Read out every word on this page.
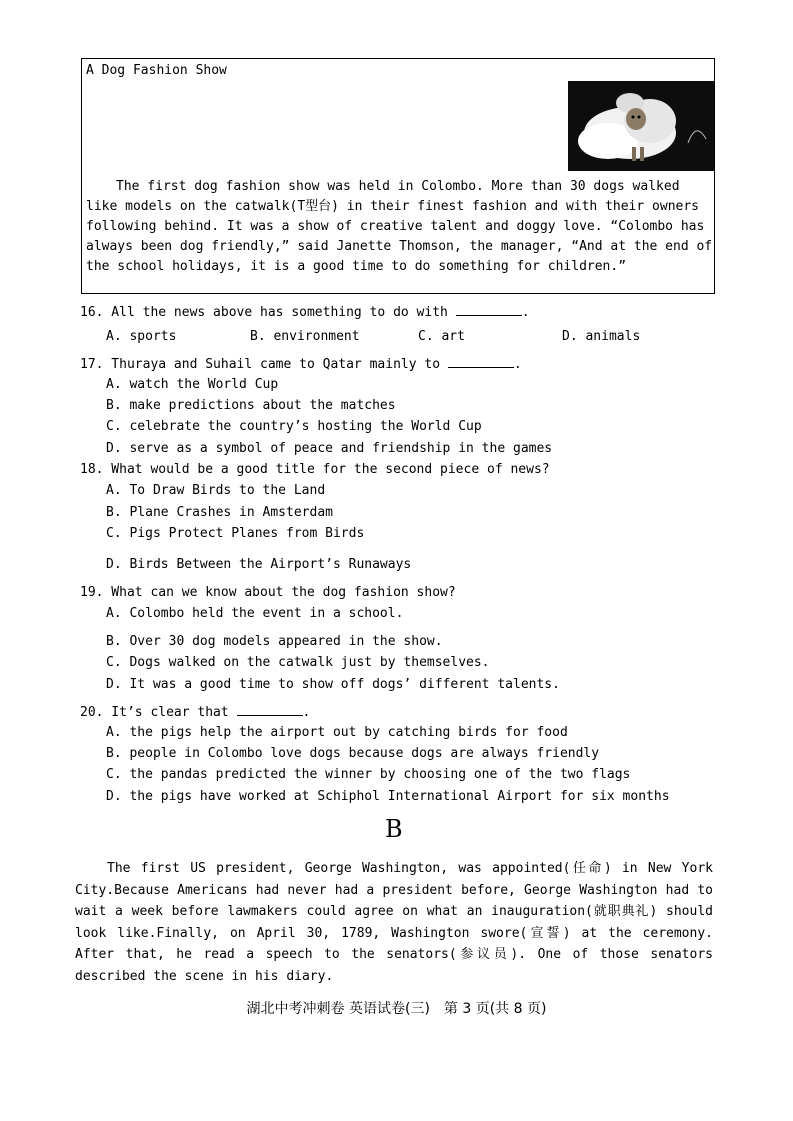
A Dog Fashion Show

The first dog fashion show was held in Colombo. More than 30 dogs walked like models on the catwalk(T型台) in their finest fashion and with their owners following behind. It was a show of creative talent and doggy love. “Colombo has always been dog friendly,” said Janette Thomson, the manager, “And at the end of the school holidays, it is a good time to do something for children.”

16. All the news above has something to do with	.
A. sports	B. environment	C. art	D. animals
17. Thuraya and Suhail came to Qatar mainly to	.
A. watch the World Cup
B. make predictions about the matches
C. celebrate the country’s hosting the World Cup
D. serve as a symbol of peace and friendship in the games
18. What would be a good title for the second piece of news?
A. To Draw Birds to the Land
B. Plane Crashes in Amsterdam
C. Pigs Protect Planes from Birds
D. Birds Between the Airport’s Runaways
19. What can we know about the dog fashion show?
A. Colombo held the event in a school.
B. Over 30 dog models appeared in the show.
C. Dogs walked on the catwalk just by themselves.
D. It was a good time to show off dogs’ different talents.
20. It’s clear that	.
A. the pigs help the airport out by catching birds for food
B. people in Colombo love dogs because dogs are always friendly
C. the pandas predicted the winner by choosing one of the two flags
D. the pigs have worked at Schiphol International Airport for six months
B

The first US president, George Washington, was appointed(任命) in New York City.Because Americans had never had a president before, George Washington had to wait a week before lawmakers could agree on what an inauguration(就职典礼) should look like.Finally, on April 30, 1789, Washington swore(宣誓) at the ceremony. After that, he read a speech to the senators(参议员). One of those senators described the scene in his diary.

湖北中考冲刺卷 英语试卷(三)　第 3 页(共 8 页)
